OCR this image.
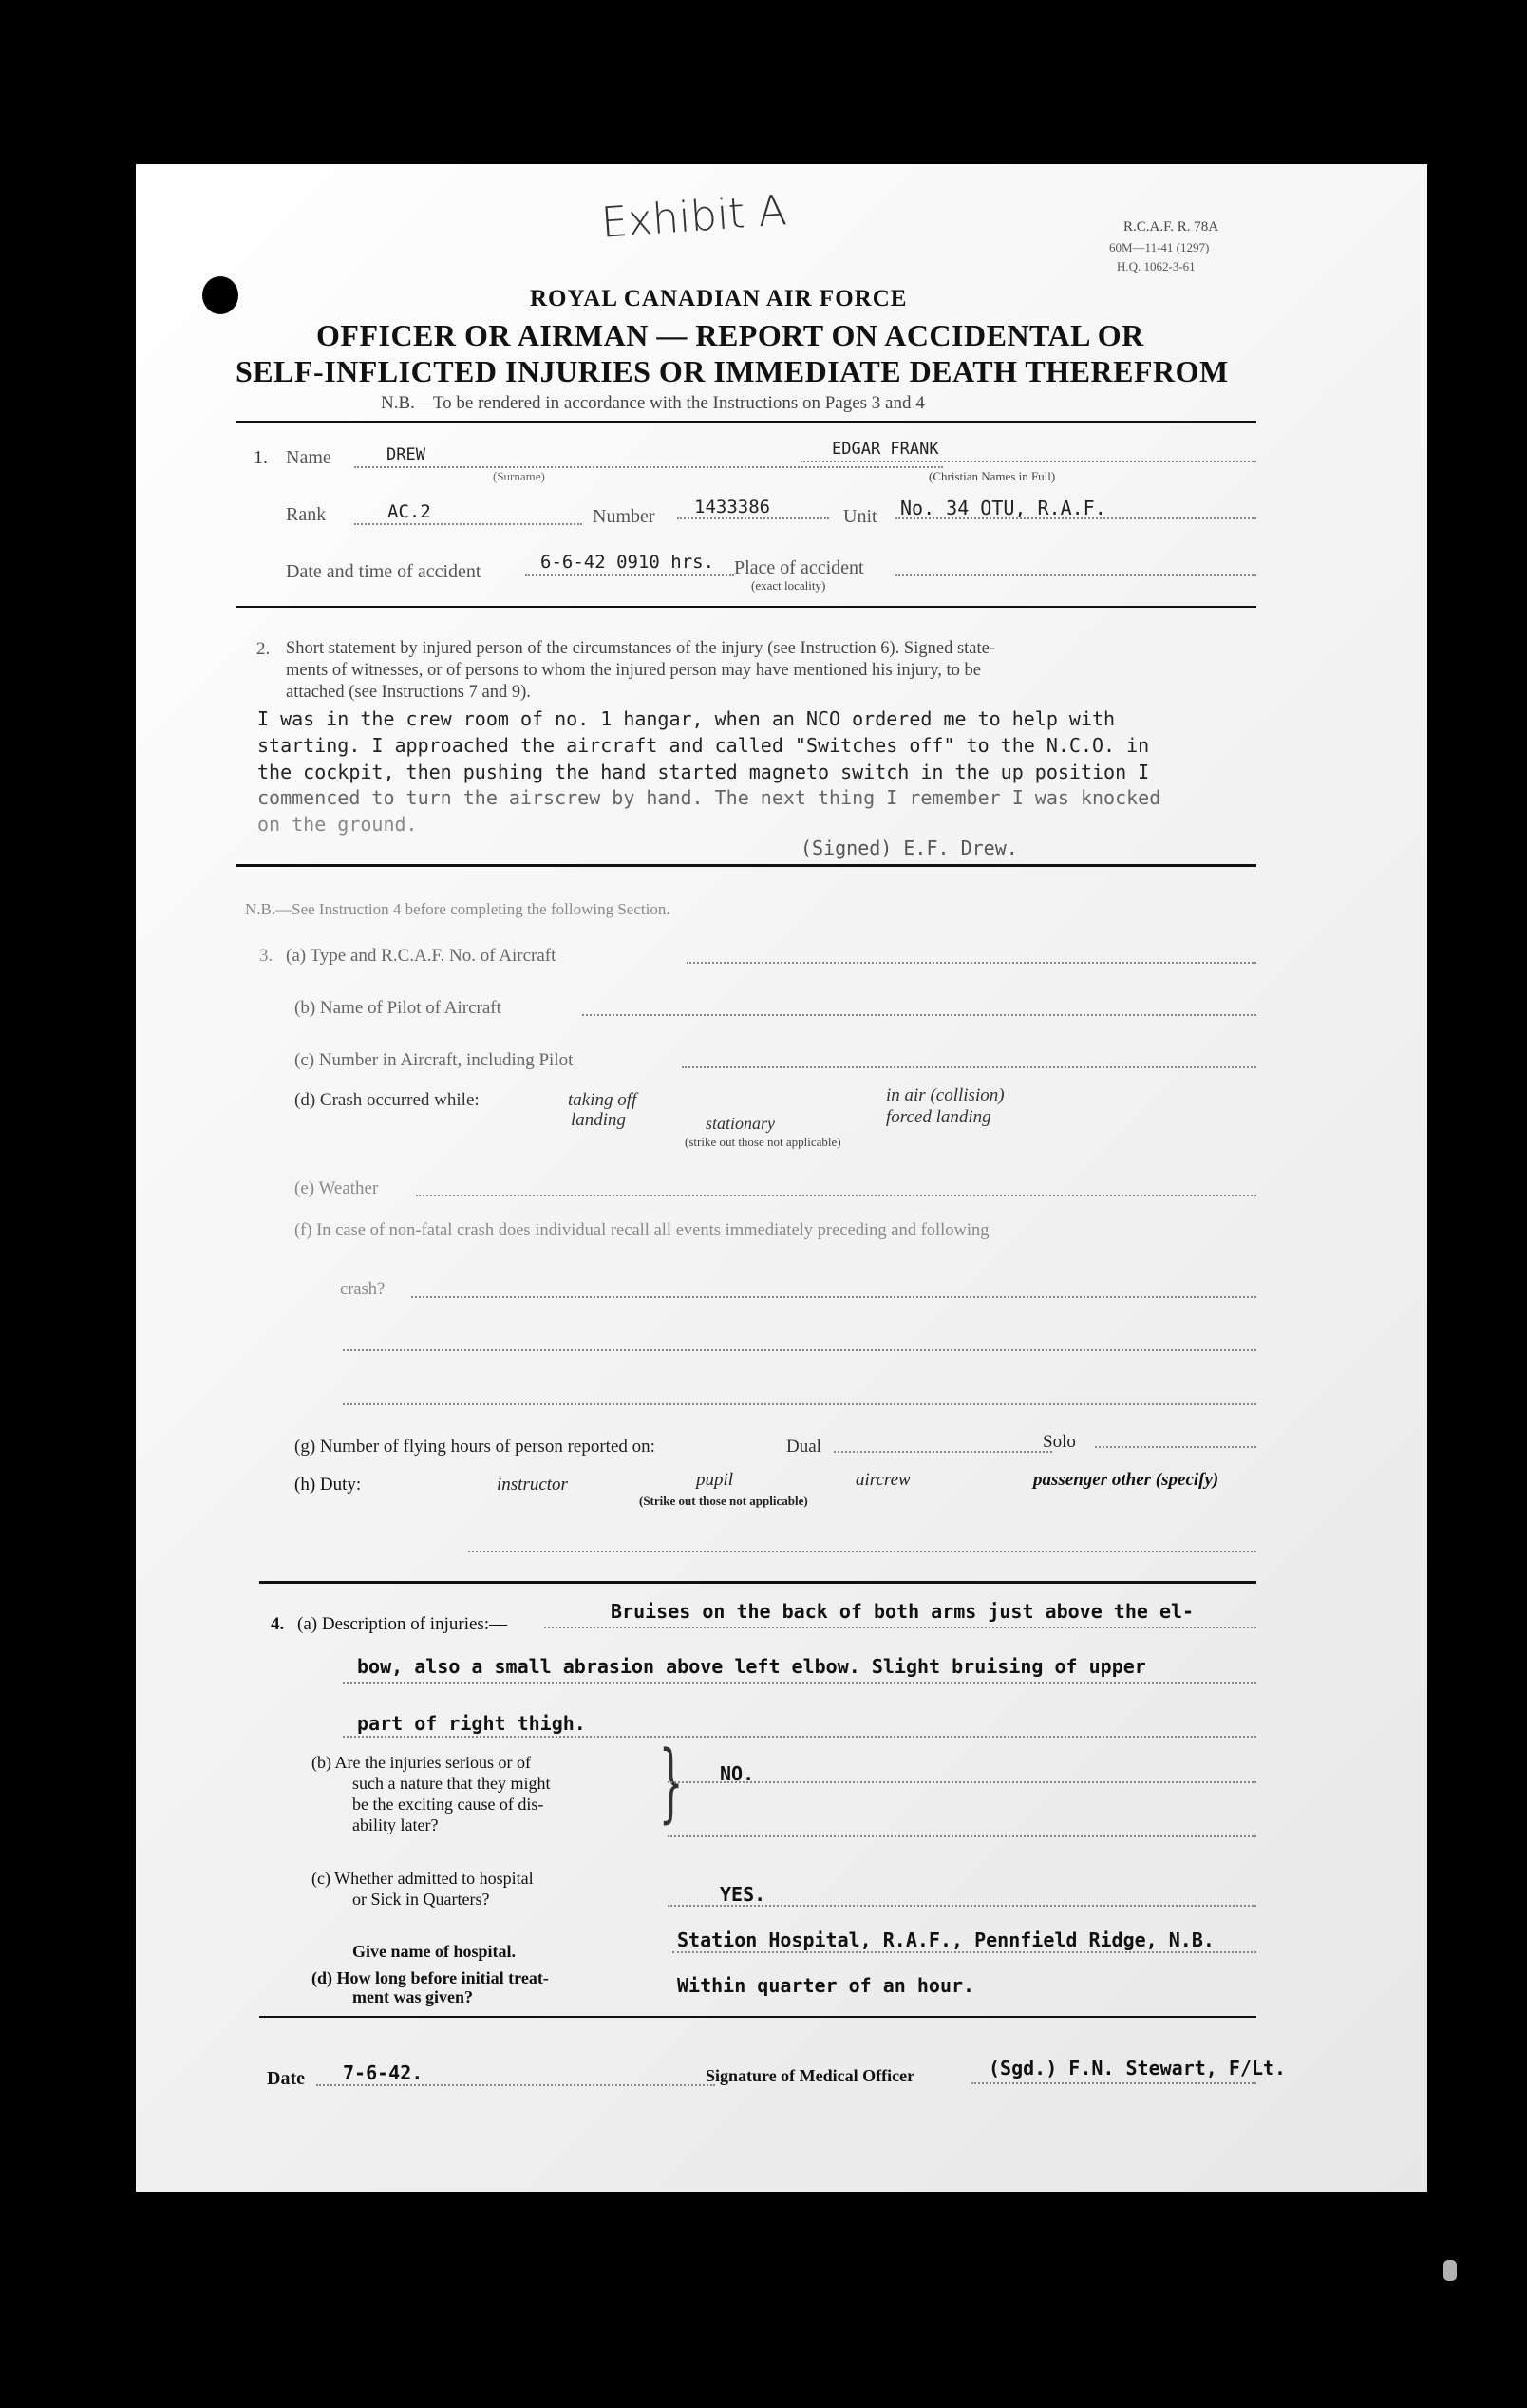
Exhibit A	R.C.A.F. R. 78A
60M—11-41 (1297)
H.Q. 1062-3-61
ROYAL CANADIAN AIR FORCE
OFFICER OR AIRMAN — REPORT ON ACCIDENTAL OR
SELF-INFLICTED INJURIES OR IMMEDIATE DEATH THEREFROM
N.B.—To be rendered in accordance with the Instructions on Pages 3 and 4
1. Name	DREW
(Surname)
EDGAR FRANK
(Christian Names in Full)
Rank	AC.2	Number 1433386	Unit No. 34 OTU, R.A.F.
Date and time of accident	6-6-42 0910 hrs. Place of accident
(exact locality)
2. Short statement by injured person of the circumstances of the injury (see Instruction 6). Signed state-
ments of witnesses, or of persons to whom the injured person may have mentioned his injury, to be
attached (see Instructions 7 and 9).
I was in the crew room of no. 1 hangar, when an NCO ordered me to help with
starting. I approached the aircraft and called "Switches off" to the N.C.O. in
the cockpit, then pushing the hand started magneto switch in the up position I
commenced to turn the airscrew by hand. The next thing I remember I was knocked
on the ground.
(Signed) E.F. Drew.
N.B.—See Instruction 4 before completing the following Section.
3. (a) Type and R.C.A.F. No. of Aircraft
(b) Name of Pilot of Aircraft
(c) Number in Aircraft, including Pilot
(d) Crash occurred while:	taking off
landing	stationary
in air (collision)
forced landing
(strike out those not applicable)
(e) Weather
(f) In case of non-fatal crash does individual recall all events immediately preceding and following
crash?
(g) Number of flying hours of person reported on:	Dual	Solo
(h) Duty:	instructor	pupil	aircrew	passenger other (specify)
(Strike out those not applicable)
4. (a) Description of injuries:—
Bruises on the back of both arms just above the el-
bow, also a small abrasion above left elbow. Slight bruising of upper
part of right thigh.
(b) Are the injuries serious or of
such a nature that they might
be the exciting cause of dis-
ability later?	} NO.
(c) Whether admitted to hospital
or Sick in Quarters?	YES.
Give name of hospital.	Station Hospital, R.A.F., Pennfield Ridge, N.B.
(d) How long before initial treat-
ment was given?	Within quarter of an hour.
Date 7-6-42.	Signature of Medical Officer	(Sgd.) F.N. Stewart, F/Lt.
